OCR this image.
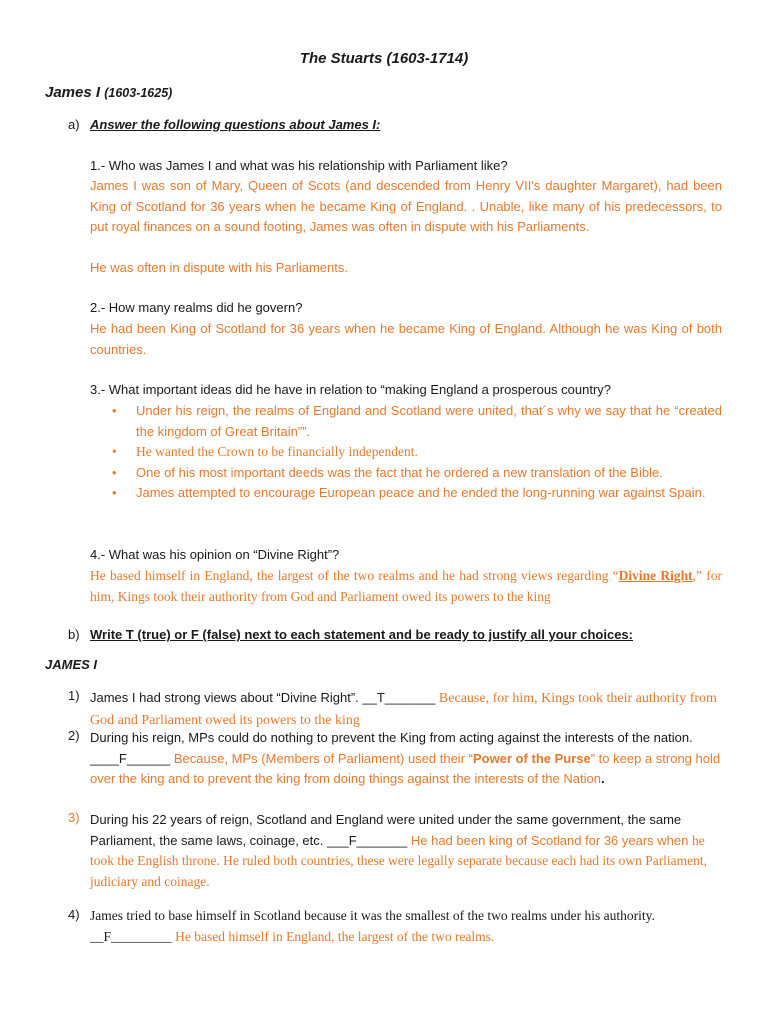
The Stuarts (1603-1714)
James I (1603-1625)
a) Answer the following questions about James I:
1.- Who was James I and what was his relationship with Parliament like?
James I was son of Mary, Queen of Scots (and descended from Henry VII's daughter Margaret), had been King of Scotland for 36 years when he became King of England. . Unable, like many of his predecessors, to put royal finances on a sound footing, James was often in dispute with his Parliaments.
He was often in dispute with his Parliaments.
2.- How many realms did he govern?
He had been King of Scotland for 36 years when he became King of England. Although he was King of both countries.
3.- What important ideas did he have in relation to “making England a prosperous country?
• Under his reign, the realms of England and Scotland were united, that´s why we say that he “created the kingdom of Great Britain””.
• He wanted the Crown to be financially independent.
• One of his most important deeds was the fact that he ordered a new translation of the Bible.
• James attempted to encourage European peace and he ended the long-running war against Spain.
4.- What was his opinion on “Divine Right”?
He based himself in England, the largest of the two realms and he had strong views regarding “Divine Right,” for him, Kings took their authority from God and Parliament owed its powers to the king
b) Write T (true) or F (false) next to each statement and be ready to justify all your choices:
JAMES I
1) James I had strong views about “Divine Right”. __T_______ Because, for him, Kings took their authority from God and Parliament owed its powers to the king
2) During his reign, MPs could do nothing to prevent the King from acting against the interests of the nation. ____F______ Because, MPs (Members of Parliament) used their “Power of the Purse” to keep a strong hold over the king and to prevent the king from doing things against the interests of the Nation.
3) During his 22 years of reign, Scotland and England were united under the same government, the same Parliament, the same laws, coinage, etc. ___F_______ He had been king of Scotland for 36 years when he took the English throne. He ruled both countries, these were legally separate because each had its own Parliament, judiciary and coinage.
4) James tried to base himself in Scotland because it was the smallest of the two realms under his authority. __F_________ He based himself in England, the largest of the two realms.
